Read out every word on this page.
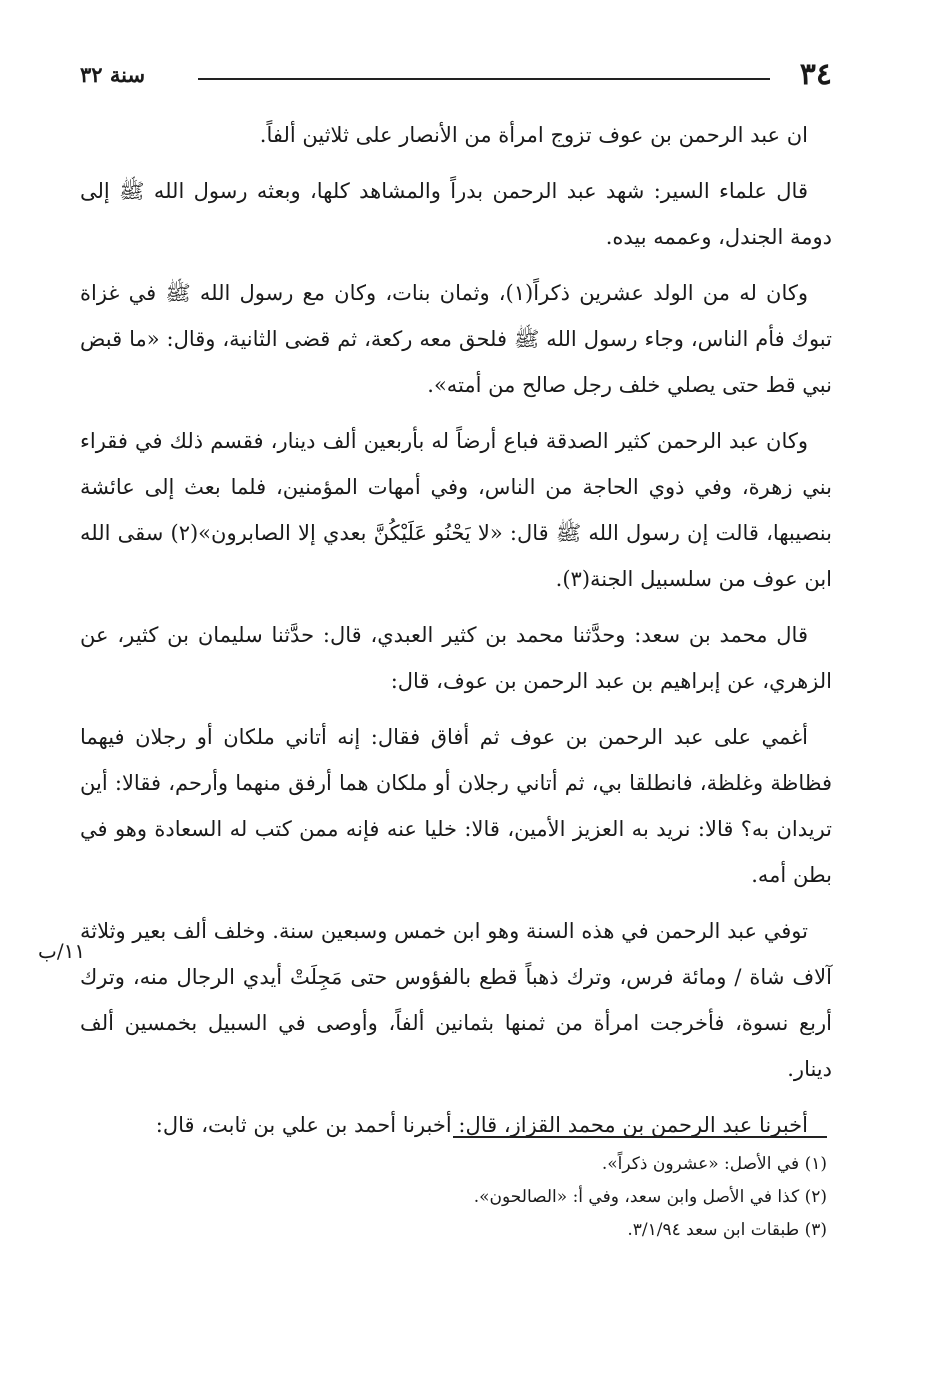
٣٤
سنة ٣٢

ان عبد الرحمن بن عوف تزوج امرأة من الأنصار على ثلاثين ألفاً.

قال علماء السير: شهد عبد الرحمن بدراً والمشاهد كلها، وبعثه رسول الله ﷺ إلى دومة الجندل، وعممه بيده.

وكان له من الولد عشرين ذكراً(١)، وثمان بنات، وكان مع رسول الله ﷺ في غزاة تبوك فأم الناس، وجاء رسول الله ﷺ فلحق معه ركعة، ثم قضى الثانية، وقال: «ما قبض نبي قط حتى يصلي خلف رجل صالح من أمته».

وكان عبد الرحمن كثير الصدقة فباع أرضاً له بأربعين ألف دينار، فقسم ذلك في فقراء بني زهرة، وفي ذوي الحاجة من الناس، وفي أمهات المؤمنين، فلما بعث إلى عائشة بنصيبها، قالت إن رسول الله ﷺ قال: «لا يَحْنُو عَلَيْكُنَّ بعدي إلا الصابرون»(٢) سقى الله ابن عوف من سلسبيل الجنة(٣).

قال محمد بن سعد: وحدَّثنا محمد بن كثير العبدي، قال: حدَّثنا سليمان بن كثير، عن الزهري، عن إبراهيم بن عبد الرحمن بن عوف، قال:

أغمي على عبد الرحمن بن عوف ثم أفاق فقال: إنه أتاني ملكان أو رجلان فيهما فظاظة وغلظة، فانطلقا بي، ثم أتاني رجلان أو ملكان هما أرفق منهما وأرحم، فقالا: أين تريدان به؟ قالا: نريد به العزيز الأمين، قالا: خليا عنه فإنه ممن كتب له السعادة وهو في بطن أمه.

توفي عبد الرحمن في هذه السنة وهو ابن خمس وسبعين سنة. وخلف ألف بعير وثلاثة آلاف شاة / ومائة فرس، وترك ذهباً قطع بالفؤوس حتى مَجِلَتْ أيدي الرجال منه، وترك أربع نسوة، فأخرجت امرأة من ثمنها بثمانين ألفاً، وأوصى في السبيل بخمسين ألف دينار.

أخبرنا عبد الرحمن بن محمد القزاز، قال: أخبرنا أحمد بن علي بن ثابت، قال:

١١/ب
(١) في الأصل: «عشرون ذكراً».
(٢) كذا في الأصل وابن سعد، وفي أ: «الصالحون».
(٣) طبقات ابن سعد ٣/١/٩٤.
